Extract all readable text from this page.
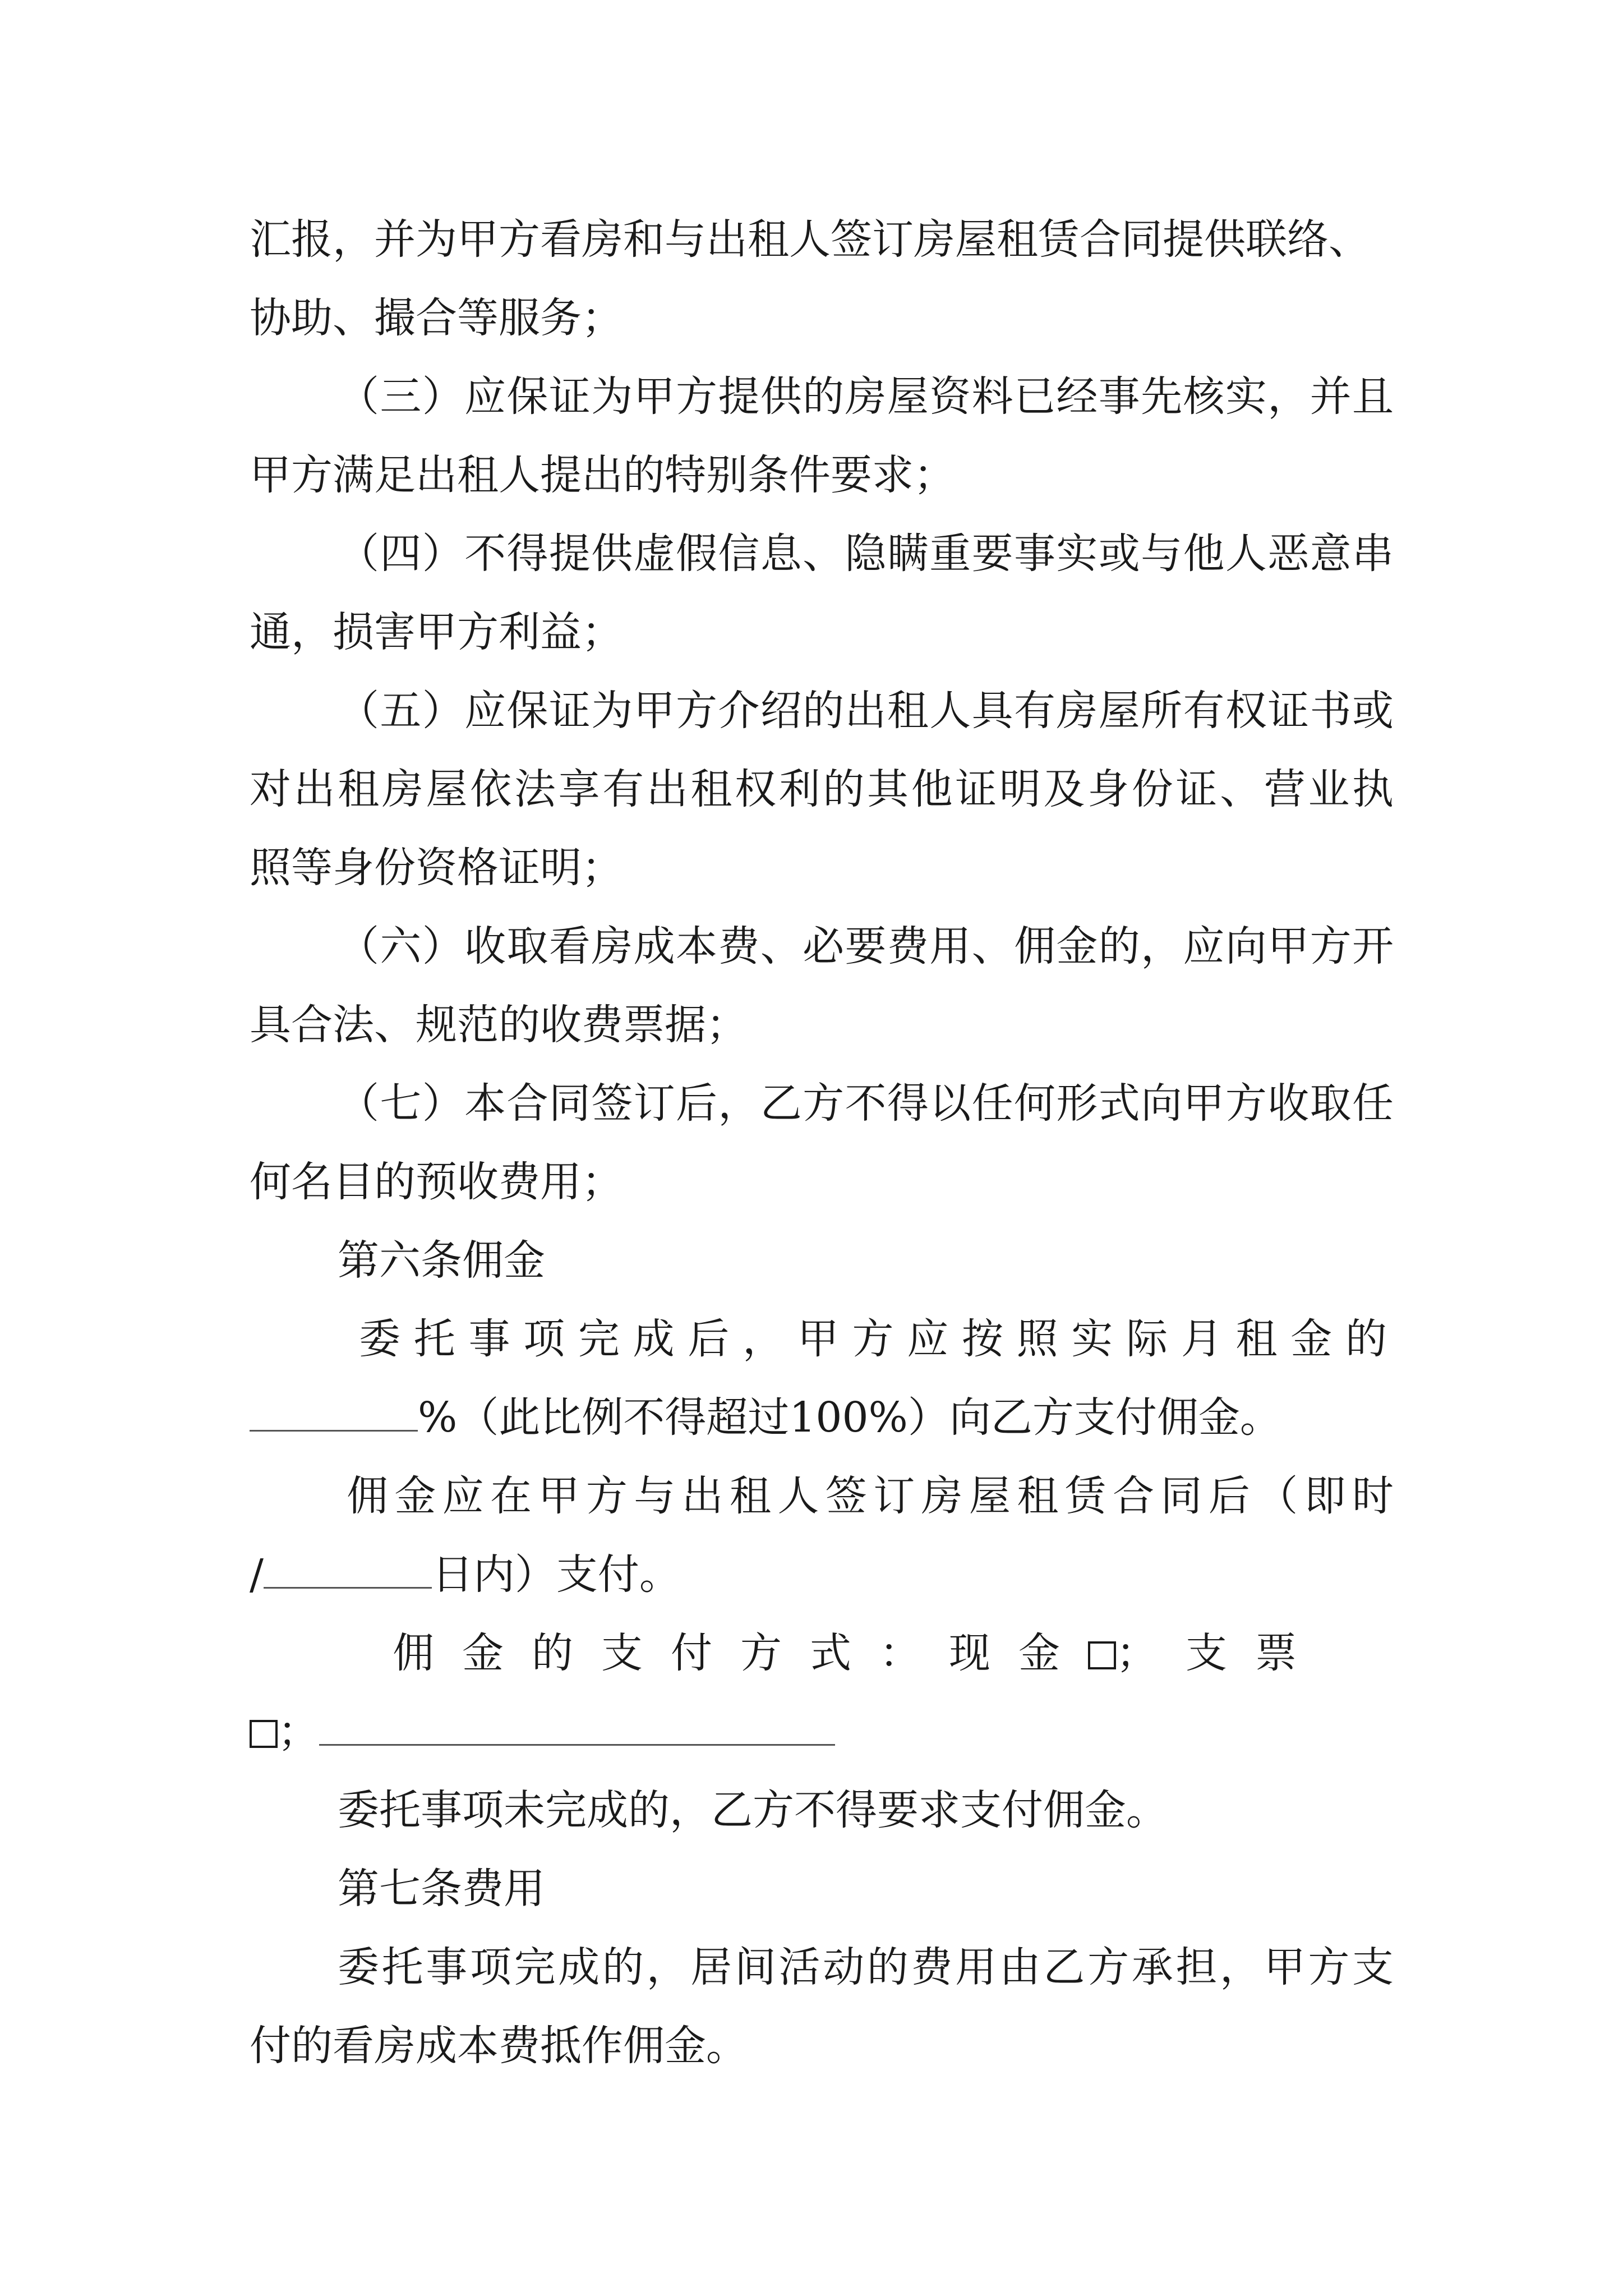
汇报，并为甲方看房和与出租人签订房屋租赁合同提供联络、
协助、撮合等服务；
（三）应保证为甲方提供的房屋资料已经事先核实，并且
甲方满足出租人提出的特别条件要求；
（四）不得提供虚假信息、隐瞒重要事实或与他人恶意串
通，损害甲方利益；
（五）应保证为甲方介绍的出租人具有房屋所有权证书或
对出租房屋依法享有出租权利的其他证明及身份证、营业执
照等身份资格证明；
（六）收取看房成本费、必要费用、佣金的，应向甲方开
具合法、规范的收费票据；
（七）本合同签订后，乙方不得以任何形式向甲方收取任
何名目的预收费用；
第六条佣金
委托事项完成后，甲方应按照实际月租金的
%（此比例不得超过100%）向乙方支付佣金。
佣金应在甲方与出租人签订房屋租赁合同后（即时
/	日内）支付。
佣金的支付方式：现金 ；支票
；
委托事项未完成的，乙方不得要求支付佣金。
第七条费用
委托事项完成的，居间活动的费用由乙方承担，甲方支
付的看房成本费抵作佣金。
